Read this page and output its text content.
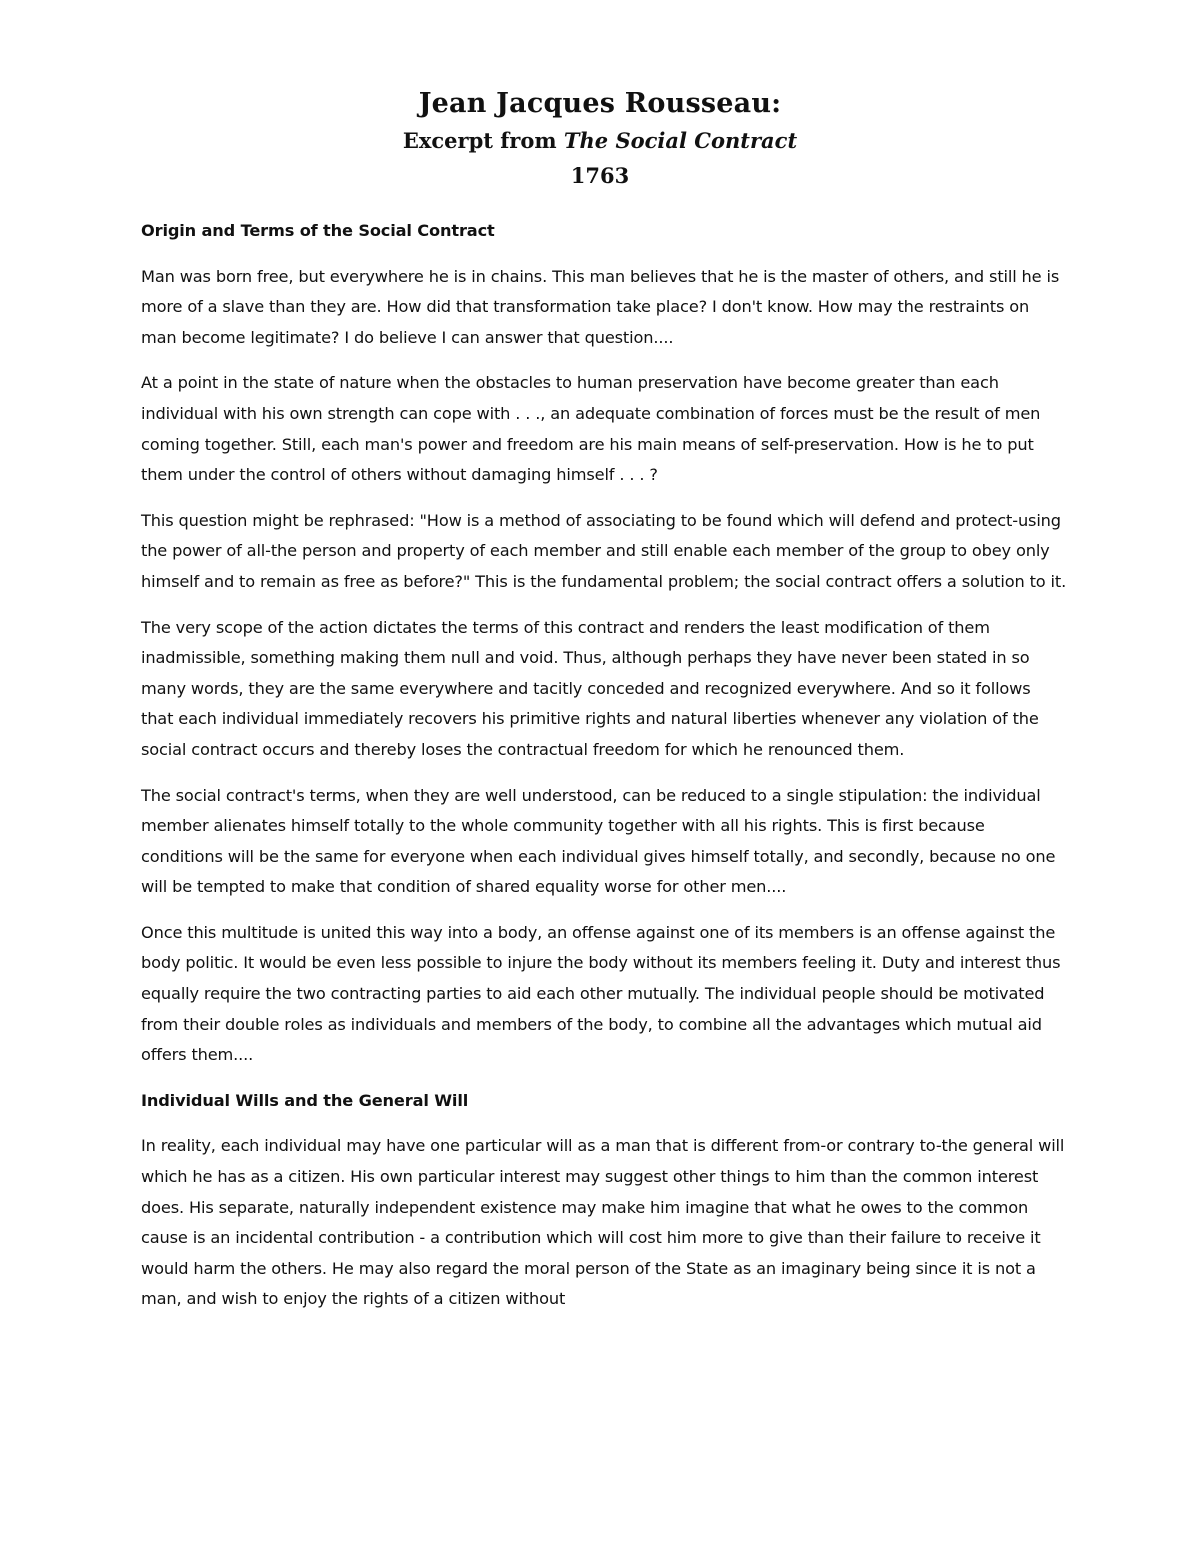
Jean Jacques Rousseau:

Excerpt from The Social Contract

1763

Origin and Terms of the Social Contract

Man was born free, but everywhere he is in chains. This man believes that he is the master of others, and still he is more of a slave than they are. How did that transformation take place? I don't know. How may the restraints on man become legitimate? I do believe I can answer that question....

At a point in the state of nature when the obstacles to human preservation have become greater than each individual with his own strength can cope with . . ., an adequate combination of forces must be the result of men coming together. Still, each man's power and freedom are his main means of self-preservation. How is he to put them under the control of others without damaging himself . . . ?

This question might be rephrased: "How is a method of associating to be found which will defend and protect-using the power of all-the person and property of each member and still enable each member of the group to obey only himself and to remain as free as before?" This is the fundamental problem; the social contract offers a solution to it.

The very scope of the action dictates the terms of this contract and renders the least modification of them inadmissible, something making them null and void. Thus, although perhaps they have never been stated in so many words, they are the same everywhere and tacitly conceded and recognized everywhere. And so it follows that each individual immediately recovers his primitive rights and natural liberties whenever any violation of the social contract occurs and thereby loses the contractual freedom for which he renounced them.

The social contract's terms, when they are well understood, can be reduced to a single stipulation: the individual member alienates himself totally to the whole community together with all his rights. This is first because conditions will be the same for everyone when each individual gives himself totally, and secondly, because no one will be tempted to make that condition of shared equality worse for other men....

Once this multitude is united this way into a body, an offense against one of its members is an offense against the body politic. It would be even less possible to injure the body without its members feeling it. Duty and interest thus equally require the two contracting parties to aid each other mutually. The individual people should be motivated from their double roles as individuals and members of the body, to combine all the advantages which mutual aid offers them....

Individual Wills and the General Will

In reality, each individual may have one particular will as a man that is different from-or contrary to-the general will which he has as a citizen. His own particular interest may suggest other things to him than the common interest does. His separate, naturally independent existence may make him imagine that what he owes to the common cause is an incidental contribution - a contribution which will cost him more to give than their failure to receive it would harm the others. He may also regard the moral person of the State as an imaginary being since it is not a man, and wish to enjoy the rights of a citizen without
